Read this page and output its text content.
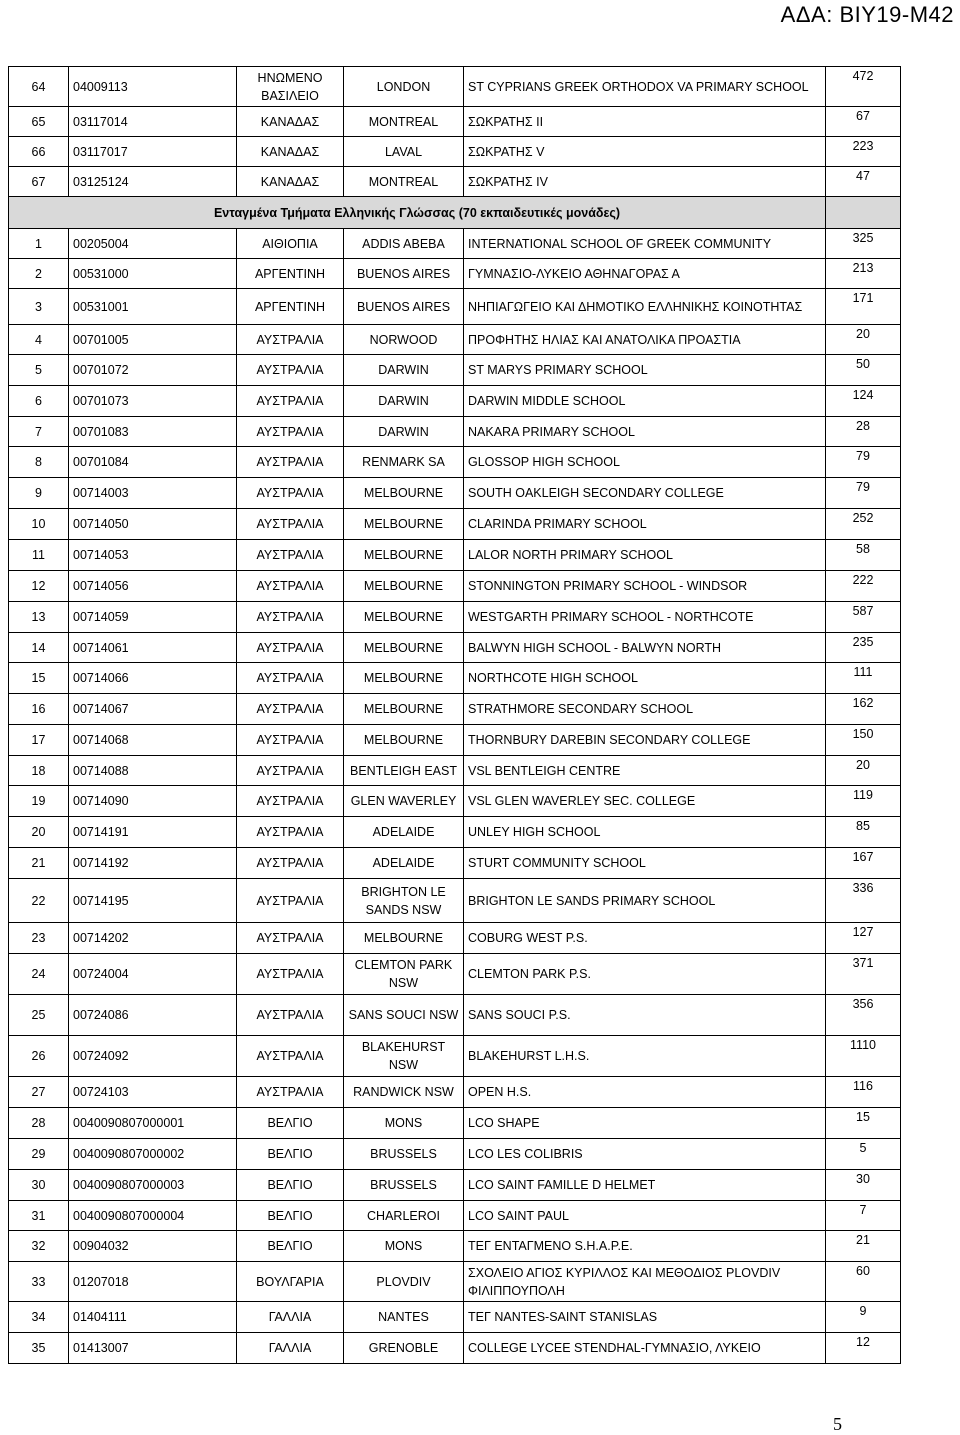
ΑΔΑ: ΒΙΥ19-Μ42
64	04009113	ΗΝΩΜΕΝΟ ΒΑΣΙΛΕΙΟ	LONDON	ST CYPRIANS GREEK ORTHODOX VA PRIMARY SCHOOL	472
65	03117014	ΚΑΝΑΔΑΣ	MONTREAL	ΣΩΚΡΑΤΗΣ ΙΙ	67
66	03117017	ΚΑΝΑΔΑΣ	LAVAL	ΣΩΚΡΑΤΗΣ V	223
67	03125124	ΚΑΝΑΔΑΣ	MONTREAL	ΣΩΚΡΑΤΗΣ ΙV	47
Ενταγμένα Τμήματα Ελληνικής Γλώσσας (70 εκπαιδευτικές μονάδες)					
1	00205004	ΑΙΘΙΟΠΙΑ	ADDIS ABEBA	INTERNATIONAL SCHOOL OF GREEK COMMUNITY	325
2	00531000	ΑΡΓΕΝΤΙΝΗ	BUENOS AIRES	ΓΥΜΝΑΣΙΟ-ΛΥΚΕΙΟ ΑΘΗΝΑΓΟΡΑΣ Α	213
3	00531001	ΑΡΓΕΝΤΙΝΗ	BUENOS AIRES	ΝΗΠΙΑΓΩΓΕΙΟ ΚΑΙ ΔΗΜΟΤΙΚΟ ΕΛΛΗΝΙΚΗΣ ΚΟΙΝΟΤΗΤΑΣ	171
4	00701005	ΑΥΣΤΡΑΛΙΑ	NORWOOD	ΠΡΟΦΗΤΗΣ ΗΛΙΑΣ ΚΑΙ ΑΝΑΤΟΛΙΚΑ ΠΡΟΑΣΤΙΑ	20
5	00701072	ΑΥΣΤΡΑΛΙΑ	DARWIN	ST MARYS PRIMARY SCHOOL	50
6	00701073	ΑΥΣΤΡΑΛΙΑ	DARWIN	DARWIN MIDDLE SCHOOL	124
7	00701083	ΑΥΣΤΡΑΛΙΑ	DARWIN	NAKARA PRIMARY SCHOOL	28
8	00701084	ΑΥΣΤΡΑΛΙΑ	RENMARK SA	GLOSSOP HIGH SCHOOL	79
9	00714003	ΑΥΣΤΡΑΛΙΑ	MELBOURNE	SOUTH OAKLEIGH SECONDARY COLLEGE	79
10	00714050	ΑΥΣΤΡΑΛΙΑ	MELBOURNE	CLARINDA PRIMARY SCHOOL	252
11	00714053	ΑΥΣΤΡΑΛΙΑ	MELBOURNE	LALOR NORTH PRIMARY SCHOOL	58
12	00714056	ΑΥΣΤΡΑΛΙΑ	MELBOURNE	STONNINGTON PRIMARY SCHOOL - WINDSOR	222
13	00714059	ΑΥΣΤΡΑΛΙΑ	MELBOURNE	WESTGARTH PRIMARY SCHOOL - NORTHCOTE	587
14	00714061	ΑΥΣΤΡΑΛΙΑ	MELBOURNE	BALWYN HIGH SCHOOL - BALWYN NORTH	235
15	00714066	ΑΥΣΤΡΑΛΙΑ	MELBOURNE	NORTHCOTE HIGH SCHOOL	111
16	00714067	ΑΥΣΤΡΑΛΙΑ	MELBOURNE	STRATHMORE SECONDARY SCHOOL	162
17	00714068	ΑΥΣΤΡΑΛΙΑ	MELBOURNE	THORNBURY DAREBIN SECONDARY COLLEGE	150
18	00714088	ΑΥΣΤΡΑΛΙΑ	BENTLEIGH EAST	VSL BENTLEIGH CENTRE	20
19	00714090	ΑΥΣΤΡΑΛΙΑ	GLEN WAVERLEY	VSL GLEN WAVERLEY SEC. COLLEGE	119
20	00714191	ΑΥΣΤΡΑΛΙΑ	ADELAIDE	UNLEY HIGH SCHOOL	85
21	00714192	ΑΥΣΤΡΑΛΙΑ	ADELAIDE	STURT COMMUNITY SCHOOL	167
22	00714195	ΑΥΣΤΡΑΛΙΑ	BRIGHTON LE SANDS NSW	BRIGHTON LE SANDS PRIMARY SCHOOL	336
23	00714202	ΑΥΣΤΡΑΛΙΑ	MELBOURNE	COBURG WEST P.S.	127
24	00724004	ΑΥΣΤΡΑΛΙΑ	CLEMTON PARK NSW	CLEMTON PARK P.S.	371
25	00724086	ΑΥΣΤΡΑΛΙΑ	SANS SOUCI NSW	SANS SOUCI P.S.	356
26	00724092	ΑΥΣΤΡΑΛΙΑ	BLAKEHURST NSW	BLAKEHURST L.H.S.	1110
27	00724103	ΑΥΣΤΡΑΛΙΑ	RANDWICK NSW	OPEN H.S.	116
28	0040090807000001	ΒΕΛΓΙΟ	MONS	LCO SHAPE	15
29	0040090807000002	ΒΕΛΓΙΟ	BRUSSELS	LCO LES COLIBRIS	5
30	0040090807000003	ΒΕΛΓΙΟ	BRUSSELS	LCO SAINT FAMILLE D HELMET	30
31	0040090807000004	ΒΕΛΓΙΟ	CHARLEROI	LCO SAINT PAUL	7
32	00904032	ΒΕΛΓΙΟ	MONS	ΤΕΓ ΕΝΤΑΓΜΕΝΟ S.H.A.P.E.	21
33	01207018	ΒΟΥΛΓΑΡΙΑ	PLOVDIV	ΣΧΟΛΕΙΟ ΑΓΙΟΣ ΚΥΡΙΛΛΟΣ ΚΑΙ ΜΕΘΟΔΙΟΣ PLOVDIV ΦΙΛΙΠΠΟΥΠΟΛΗ	60
34	01404111	ΓΑΛΛΙΑ	NANTES	ΤΕΓ NANTES-SAINT STANISLAS	9
35	01413007	ΓΑΛΛΙΑ	GRENOBLE	COLLEGE LYCEE STENDHAL-ΓΥΜΝΑΣΙΟ, ΛΥΚΕΙΟ	12
5
